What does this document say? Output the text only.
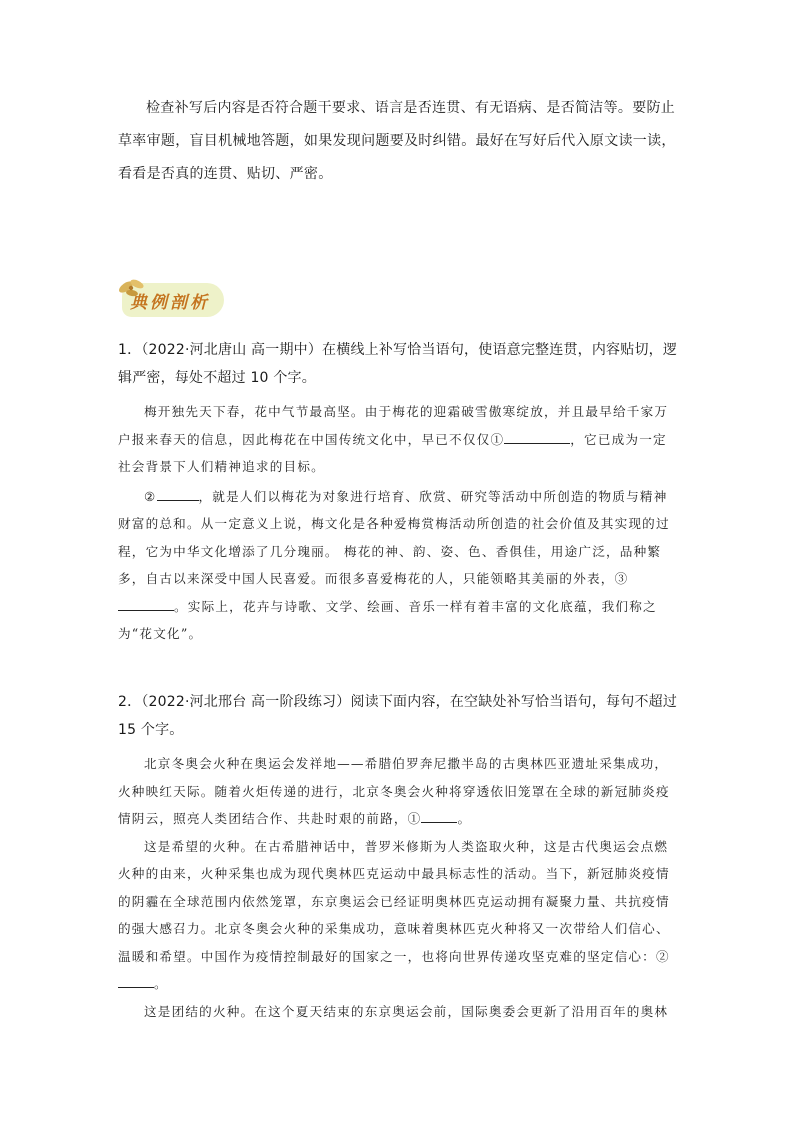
检查补写后内容是否符合题干要求、语言是否连贯、有无语病、是否简洁等。要防止草率审题，盲目机械地答题，如果发现问题要及时纠错。最好在写好后代入原文读一读，看看是否真的连贯、贴切、严密。
典例剖析
1．（2022·河北唐山 高一期中）在横线上补写恰当语句，使语意完整连贯，内容贴切，逻辑严密，每处不超过 10 个字。

梅开独先天下春，花中气节最高坚。由于梅花的迎霜破雪傲寒绽放，并且最早给千家万户报来春天的信息，因此梅花在中国传统文化中，早已不仅仅①	，它已成为一定社会背景下人们精神追求的目标。

②	，就是人们以梅花为对象进行培育、欣赏、研究等活动中所创造的物质与精神财富的总和。从一定意义上说，梅文化是各种爱梅赏梅活动所创造的社会价值及其实现的过程，它为中华文化增添了几分瑰丽。 梅花的神、韵、姿、色、香俱佳，用途广泛，品种繁多，自古以来深受中国人民喜爱。而很多喜爱梅花的人，只能领略其美丽的外表，③。实际上，花卉与诗歌、文学、绘画、音乐一样有着丰富的文化底蕴，我们称之为“花文化”。

2．（2022·河北邢台 高一阶段练习）阅读下面内容，在空缺处补写恰当语句，每句不超过 15 个字。

北京冬奥会火种在奥运会发祥地——希腊伯罗奔尼撒半岛的古奥林匹亚遗址采集成功，火种映红天际。随着火炬传递的进行，北京冬奥会火种将穿透依旧笼罩在全球的新冠肺炎疫情阴云，照亮人类团结合作、共赴时艰的前路，①	。

这是希望的火种。在古希腊神话中，普罗米修斯为人类盗取火种，这是古代奥运会点燃火种的由来，火种采集也成为现代奥林匹克运动中最具标志性的活动。当下，新冠肺炎疫情的阴霾在全球范围内依然笼罩，东京奥运会已经证明奥林匹克运动拥有凝聚力量、共抗疫情的强大感召力。北京冬奥会火种的采集成功，意味着奥林匹克火种将又一次带给人们信心、温暖和希望。中国作为疫情控制最好的国家之一，也将向世界传递攻坚克难的坚定信心：②。

这是团结的火种。在这个夏天结束的东京奥运会前，国际奥委会更新了沿用百年的奥林
